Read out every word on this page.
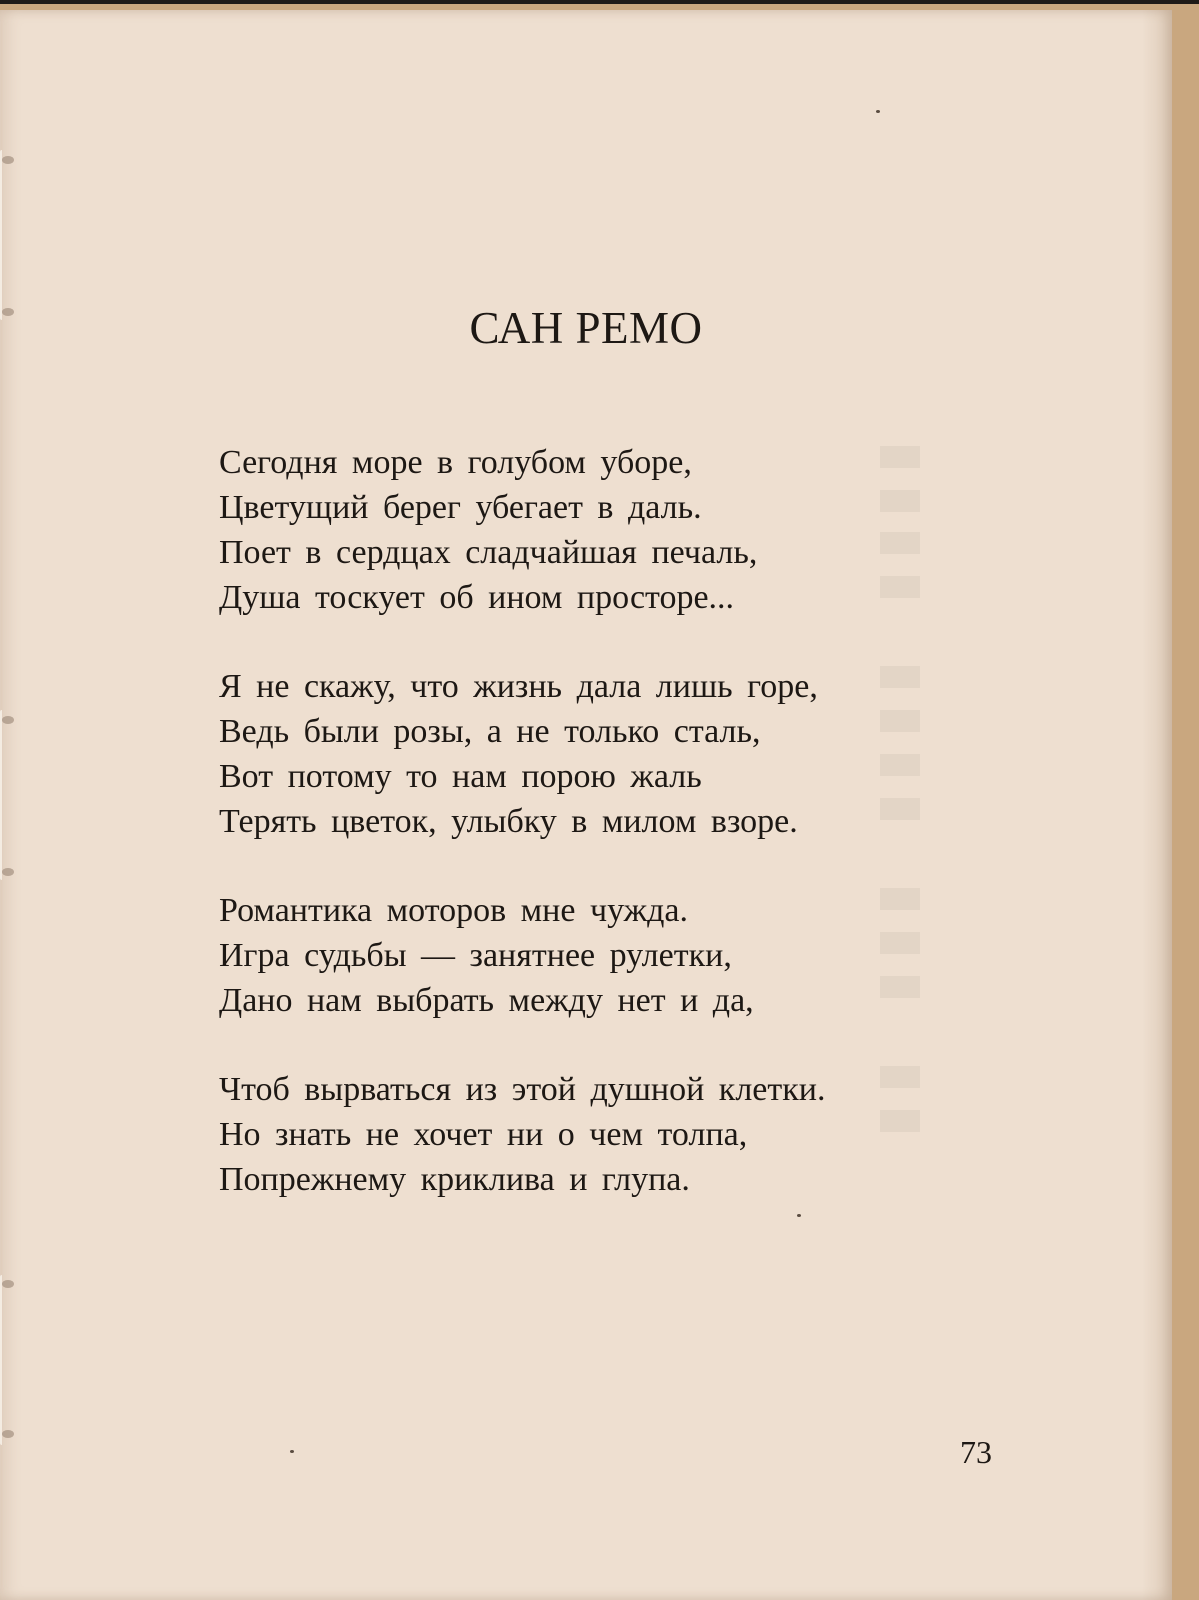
САН РЕМО
Сегодня море в голубом уборе,
Цветущий берег убегает в даль.
Поет в сердцах сладчайшая печаль,
Душа тоскует об ином просторе...
Я не скажу, что жизнь дала лишь горе,
Ведь были розы, а не только сталь,
Вот потому то нам порою жаль
Терять цветок, улыбку в милом взоре.
Романтика моторов мне чужда.
Игра судьбы — занятнее рулетки,
Дано нам выбрать между нет и да,
Чтоб вырваться из этой душной клетки.
Но знать не хочет ни о чем толпа,
Попрежнему криклива и глупа.
73
